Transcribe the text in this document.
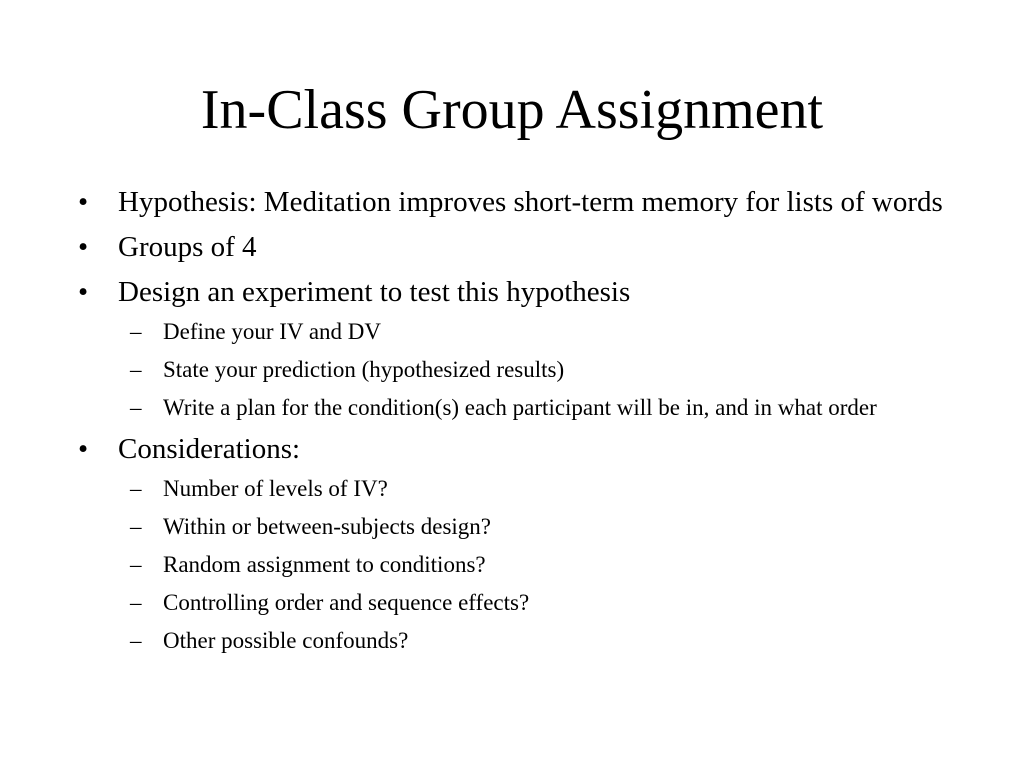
In-Class Group Assignment
•	Hypothesis: Meditation improves short-term memory for lists of words
•	Groups of 4
•	Design an experiment to test this hypothesis
– Define your IV and DV
– State your prediction (hypothesized results)
– Write a plan for the condition(s) each participant will be in, and in what order
•	Considerations:
– Number of levels of IV?
– Within or between-subjects design?
– Random assignment to conditions?
– Controlling order and sequence effects?
– Other possible confounds?
